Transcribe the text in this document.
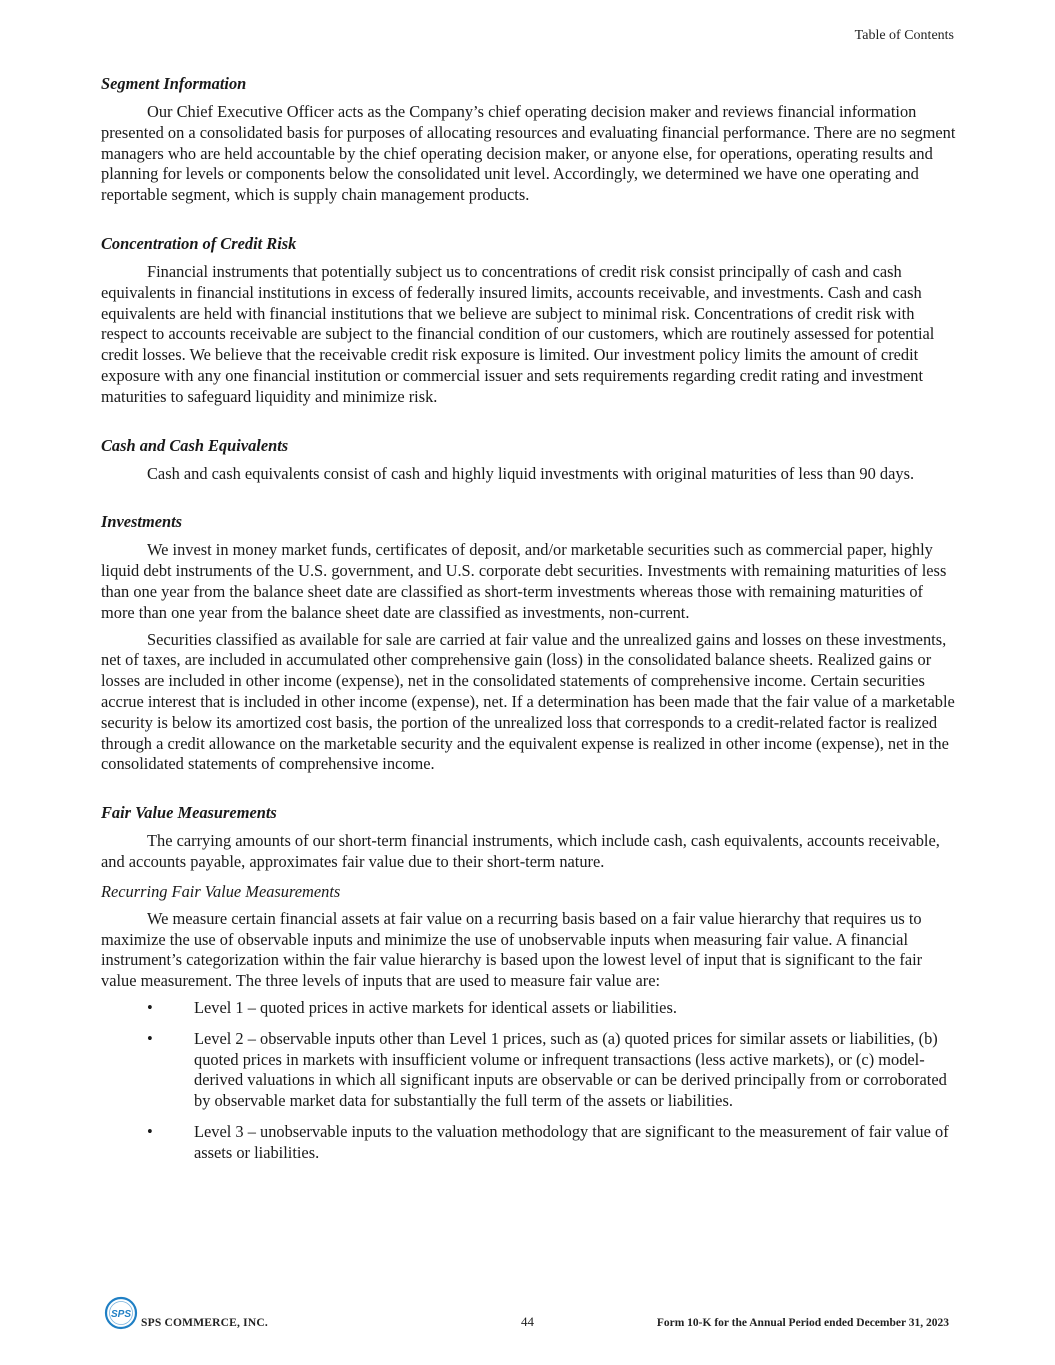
Table of Contents

Segment Information

Our Chief Executive Officer acts as the Company’s chief operating decision maker and reviews financial information presented on a consolidated basis for purposes of allocating resources and evaluating financial performance. There are no segment managers who are held accountable by the chief operating decision maker, or anyone else, for operations, operating results and planning for levels or components below the consolidated unit level. Accordingly, we determined we have one operating and reportable segment, which is supply chain management products.

Concentration of Credit Risk

Financial instruments that potentially subject us to concentrations of credit risk consist principally of cash and cash equivalents in financial institutions in excess of federally insured limits, accounts receivable, and investments. Cash and cash equivalents are held with financial institutions that we believe are subject to minimal risk. Concentrations of credit risk with respect to accounts receivable are subject to the financial condition of our customers, which are routinely assessed for potential credit losses. We believe that the receivable credit risk exposure is limited. Our investment policy limits the amount of credit exposure with any one financial institution or commercial issuer and sets requirements regarding credit rating and investment maturities to safeguard liquidity and minimize risk.

Cash and Cash Equivalents

Cash and cash equivalents consist of cash and highly liquid investments with original maturities of less than 90 days.

Investments

We invest in money market funds, certificates of deposit, and/or marketable securities such as commercial paper, highly liquid debt instruments of the U.S. government, and U.S. corporate debt securities. Investments with remaining maturities of less than one year from the balance sheet date are classified as short-term investments whereas those with remaining maturities of more than one year from the balance sheet date are classified as investments, non-current.

Securities classified as available for sale are carried at fair value and the unrealized gains and losses on these investments, net of taxes, are included in accumulated other comprehensive gain (loss) in the consolidated balance sheets. Realized gains or losses are included in other income (expense), net in the consolidated statements of comprehensive income. Certain securities accrue interest that is included in other income (expense), net. If a determination has been made that the fair value of a marketable security is below its amortized cost basis, the portion of the unrealized loss that corresponds to a credit-related factor is realized through a credit allowance on the marketable security and the equivalent expense is realized in other income (expense), net in the consolidated statements of comprehensive income.

Fair Value Measurements

The carrying amounts of our short-term financial instruments, which include cash, cash equivalents, accounts receivable, and accounts payable, approximates fair value due to their short-term nature.

Recurring Fair Value Measurements

We measure certain financial assets at fair value on a recurring basis based on a fair value hierarchy that requires us to maximize the use of observable inputs and minimize the use of unobservable inputs when measuring fair value. A financial instrument’s categorization within the fair value hierarchy is based upon the lowest level of input that is significant to the fair value measurement. The three levels of inputs that are used to measure fair value are:

•	Level 1 – quoted prices in active markets for identical assets or liabilities.
•	Level 2 – observable inputs other than Level 1 prices, such as (a) quoted prices for similar assets or liabilities, (b) quoted prices in markets with insufficient volume or infrequent transactions (less active markets), or (c) model-derived valuations in which all significant inputs are observable or can be derived principally from or corroborated by observable market data for substantially the full term of the assets or liabilities.
•	Level 3 – unobservable inputs to the valuation methodology that are significant to the measurement of fair value of assets or liabilities.
SPS
SPS COMMERCE, INC.	44	Form 10-K for the Annual Period ended December 31, 2023
